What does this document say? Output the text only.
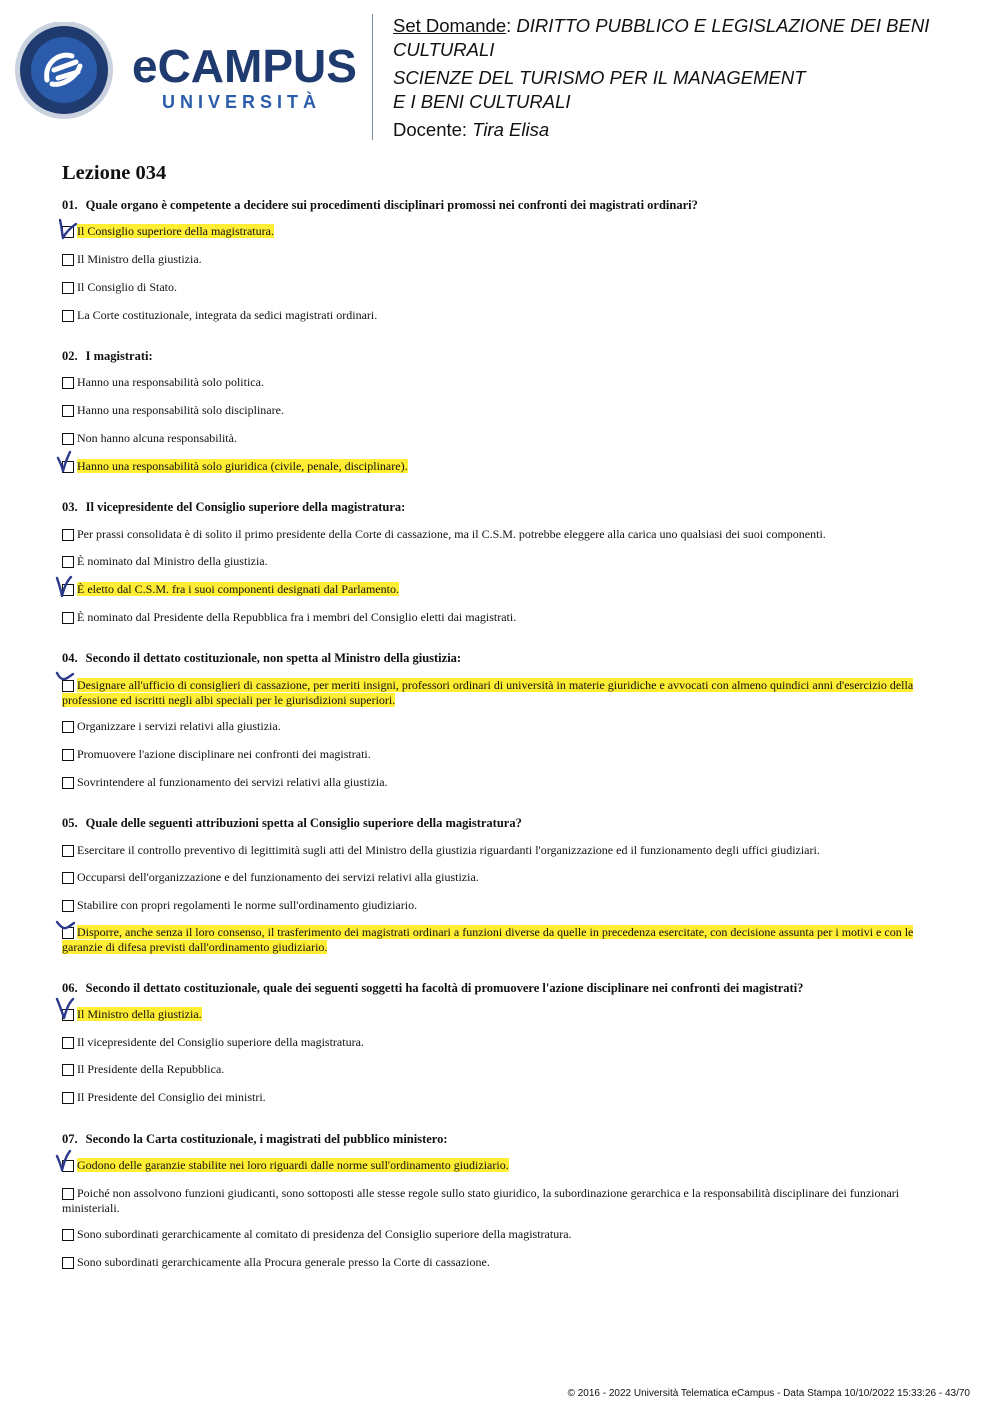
eCAMPUS
UNIVERSITÀ
Set Domande: DIRITTO PUBBLICO E LEGISLAZIONE DEI BENI
CULTURALI
SCIENZE DEL TURISMO PER IL MANAGEMENT
E I BENI CULTURALI
Docente: Tira Elisa
Lezione 034

01. Quale organo è competente a decidere sui procedimenti disciplinari promossi nei confronti dei magistrati ordinari?

Il Consiglio superiore della magistratura.
Il Ministro della giustizia.
Il Consiglio di Stato.
La Corte costituzionale, integrata da sedici magistrati ordinari.

02. I magistrati:

Hanno una responsabilità solo politica.
Hanno una responsabilità solo disciplinare.
Non hanno alcuna responsabilità.
Hanno una responsabilità solo giuridica (civile, penale, disciplinare).

03. Il vicepresidente del Consiglio superiore della magistratura:

Per prassi consolidata è di solito il primo presidente della Corte di cassazione, ma il C.S.M. potrebbe eleggere alla carica uno qualsiasi dei suoi componenti.
È nominato dal Ministro della giustizia.
È eletto dal C.S.M. fra i suoi componenti designati dal Parlamento.
È nominato dal Presidente della Repubblica fra i membri del Consiglio eletti dai magistrati.

04. Secondo il dettato costituzionale, non spetta al Ministro della giustizia:

Designare all'ufficio di consiglieri di cassazione, per meriti insigni, professori ordinari di università in materie giuridiche e avvocati con almeno quindici anni d'esercizio della professione ed iscritti negli albi speciali per le giurisdizioni superiori.
Organizzare i servizi relativi alla giustizia.
Promuovere l'azione disciplinare nei confronti dei magistrati.
Sovrintendere al funzionamento dei servizi relativi alla giustizia.

05. Quale delle seguenti attribuzioni spetta al Consiglio superiore della magistratura?

Esercitare il controllo preventivo di legittimità sugli atti del Ministro della giustizia riguardanti l'organizzazione ed il funzionamento degli uffici giudiziari.
Occuparsi dell'organizzazione e del funzionamento dei servizi relativi alla giustizia.
Stabilire con propri regolamenti le norme sull'ordinamento giudiziario.
Disporre, anche senza il loro consenso, il trasferimento dei magistrati ordinari a funzioni diverse da quelle in precedenza esercitate, con decisione assunta per i motivi e con le garanzie di difesa previsti dall'ordinamento giudiziario.

06. Secondo il dettato costituzionale, quale dei seguenti soggetti ha facoltà di promuovere l'azione disciplinare nei confronti dei magistrati?

Il Ministro della giustizia.
Il vicepresidente del Consiglio superiore della magistratura.
Il Presidente della Repubblica.
Il Presidente del Consiglio dei ministri.

07. Secondo la Carta costituzionale, i magistrati del pubblico ministero:

Godono delle garanzie stabilite nei loro riguardi dalle norme sull'ordinamento giudiziario.
Poiché non assolvono funzioni giudicanti, sono sottoposti alle stesse regole sullo stato giuridico, la subordinazione gerarchica e la responsabilità disciplinare dei funzionari ministeriali.
Sono subordinati gerarchicamente al comitato di presidenza del Consiglio superiore della magistratura.
Sono subordinati gerarchicamente alla Procura generale presso la Corte di cassazione.
© 2016 - 2022 Università Telematica eCampus - Data Stampa 10/10/2022 15:33:26 - 43/70
